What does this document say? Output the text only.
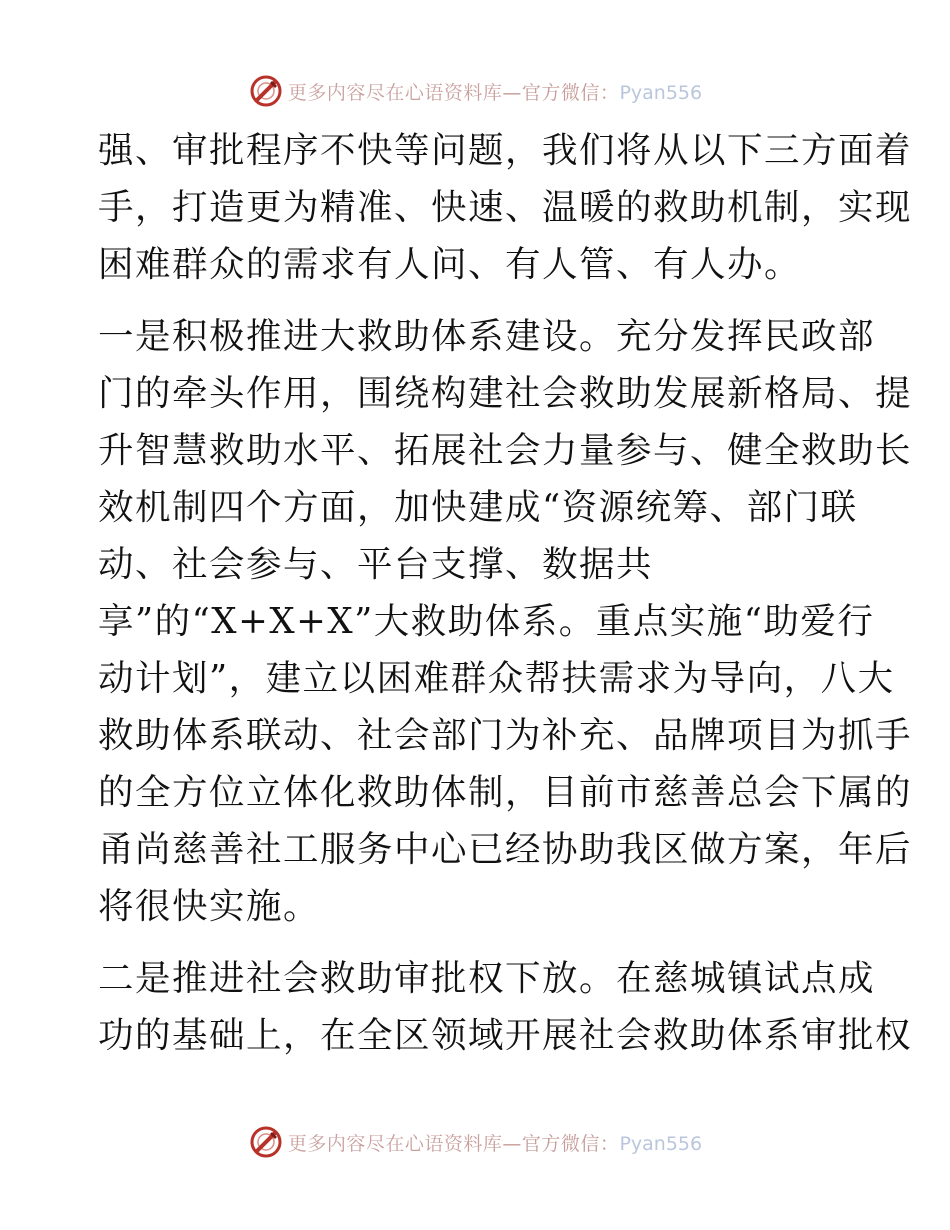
更多内容尽在心语资料库—官方微信：Pyan556
强、审批程序不快等问题，我们将从以下三方面着
手，打造更为精准、快速、温暖的救助机制，实现
困难群众的需求有人问、有人管、有人办。
一是积极推进大救助体系建设。充分发挥民政部
门的牵头作用，围绕构建社会救助发展新格局、提
升智慧救助水平、拓展社会力量参与、健全救助长
效机制四个方面，加快建成“资源统筹、部门联
动、社会参与、平台支撑、数据共
享”的“X+X+X”大救助体系。重点实施“助爱行
动计划”，建立以困难群众帮扶需求为导向，八大
救助体系联动、社会部门为补充、品牌项目为抓手
的全方位立体化救助体制，目前市慈善总会下属的
甬尚慈善社工服务中心已经协助我区做方案，年后
将很快实施。
二是推进社会救助审批权下放。在慈城镇试点成
功的基础上，在全区领域开展社会救助体系审批权
更多内容尽在心语资料库—官方微信：Pyan556
